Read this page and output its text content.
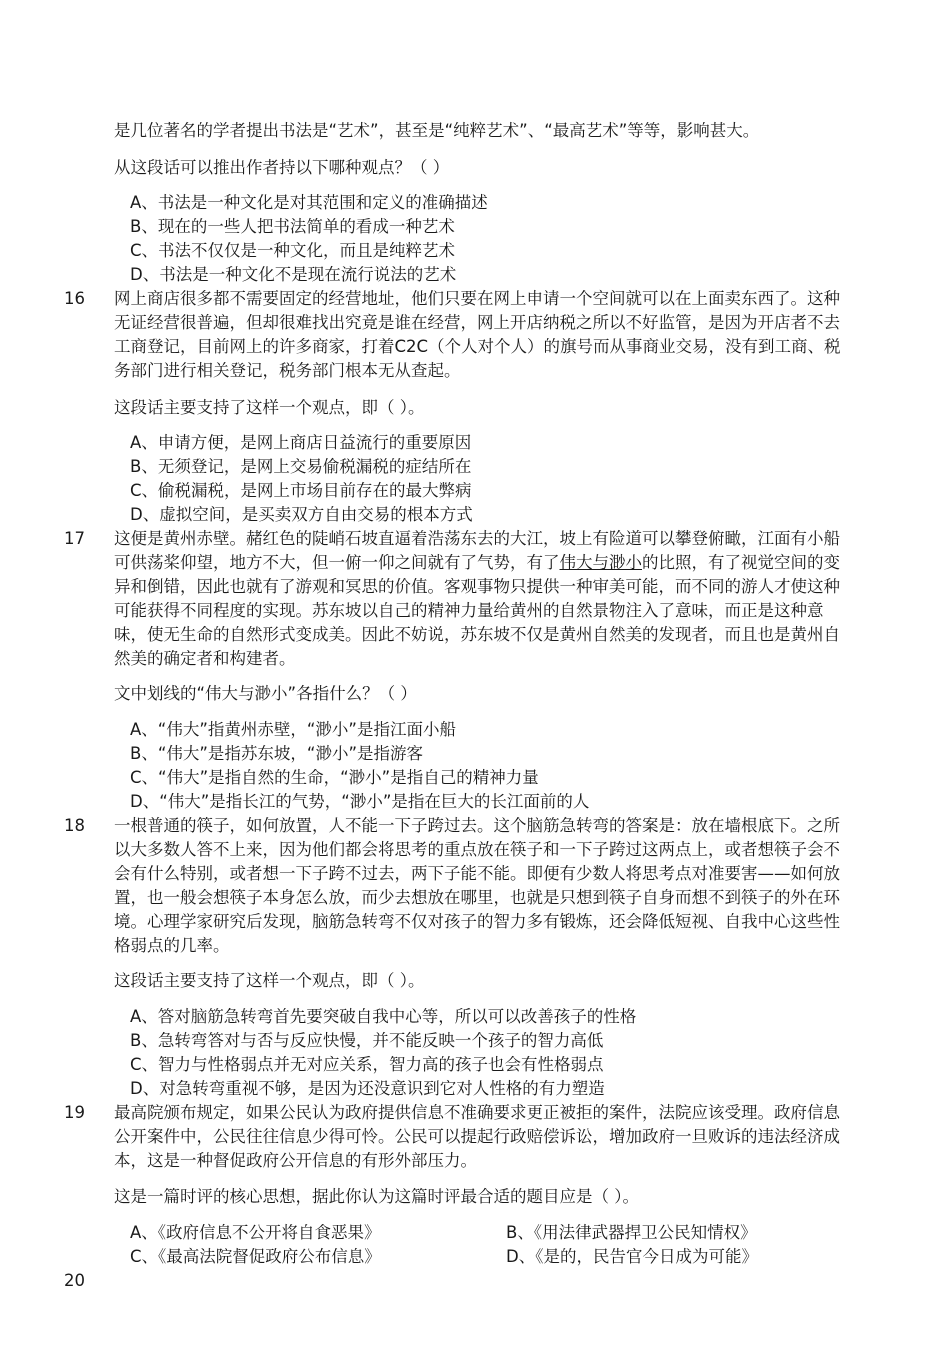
是几位著名的学者提出书法是“艺术”，甚至是“纯粹艺术”、“最高艺术”等等，影响甚大。
从这段话可以推出作者持以下哪种观点？（ ）
A、书法是一种文化是对其范围和定义的准确描述
B、现在的一些人把书法简单的看成一种艺术
C、书法不仅仅是一种文化，而且是纯粹艺术
D、书法是一种文化不是现在流行说法的艺术
16 网上商店很多都不需要固定的经营地址，他们只要在网上申请一个空间就可以在上面卖东西了。这种无证经营很普遍，但却很难找出究竟是谁在经营，网上开店纳税之所以不好监管，是因为开店者不去工商登记，目前网上的许多商家，打着C2C（个人对个人）的旗号而从事商业交易，没有到工商、税务部门进行相关登记，税务部门根本无从查起。
这段话主要支持了这样一个观点，即（ ）。
A、申请方便，是网上商店日益流行的重要原因
B、无须登记，是网上交易偷税漏税的症结所在
C、偷税漏税，是网上市场目前存在的最大弊病
D、虚拟空间，是买卖双方自由交易的根本方式
17 这便是黄州赤壁。赭红色的陡峭石坡直逼着浩荡东去的大江，坡上有险道可以攀登俯瞰，江面有小船可供荡桨仰望，地方不大，但一俯一仰之间就有了气势，有了伟大与渺小的比照，有了视觉空间的变异和倒错，因此也就有了游观和冥思的价值。客观事物只提供一种审美可能，而不同的游人才使这种可能获得不同程度的实现。苏东坡以自己的精神力量给黄州的自然景物注入了意味，而正是这种意味，使无生命的自然形式变成美。因此不妨说，苏东坡不仅是黄州自然美的发现者，而且也是黄州自然美的确定者和构建者。
文中划线的“伟大与渺小”各指什么？（ ）
A、“伟大”指黄州赤壁，“渺小”是指江面小船
B、“伟大”是指苏东坡，“渺小”是指游客
C、“伟大”是指自然的生命，“渺小”是指自己的精神力量
D、“伟大”是指长江的气势，“渺小”是指在巨大的长江面前的人
18 一根普通的筷子，如何放置，人不能一下子跨过去。这个脑筋急转弯的答案是：放在墙根底下。之所以大多数人答不上来，因为他们都会将思考的重点放在筷子和一下子跨过这两点上，或者想筷子会不会有什么特别，或者想一下子跨不过去，两下子能不能。即便有少数人将思考点对准要害——如何放置，也一般会想筷子本身怎么放，而少去想放在哪里，也就是只想到筷子自身而想不到筷子的外在环境。心理学家研究后发现，脑筋急转弯不仅对孩子的智力多有锻炼，还会降低短视、自我中心这些性格弱点的几率。
这段话主要支持了这样一个观点，即（ ）。
A、答对脑筋急转弯首先要突破自我中心等，所以可以改善孩子的性格
B、急转弯答对与否与反应快慢，并不能反映一个孩子的智力高低
C、智力与性格弱点并无对应关系，智力高的孩子也会有性格弱点
D、对急转弯重视不够，是因为还没意识到它对人性格的有力塑造
19 最高院颁布规定，如果公民认为政府提供信息不准确要求更正被拒的案件，法院应该受理。政府信息公开案件中，公民往往信息少得可怜。公民可以提起行政赔偿诉讼，增加政府一旦败诉的违法经济成本，这是一种督促政府公开信息的有形外部压力。
这是一篇时评的核心思想，据此你认为这篇时评最合适的题目应是（ ）。
A、《政府信息不公开将自食恶果》	B、《用法律武器捍卫公民知情权》
C、《最高法院督促政府公布信息》	D、《是的，民告官今日成为可能》
20
